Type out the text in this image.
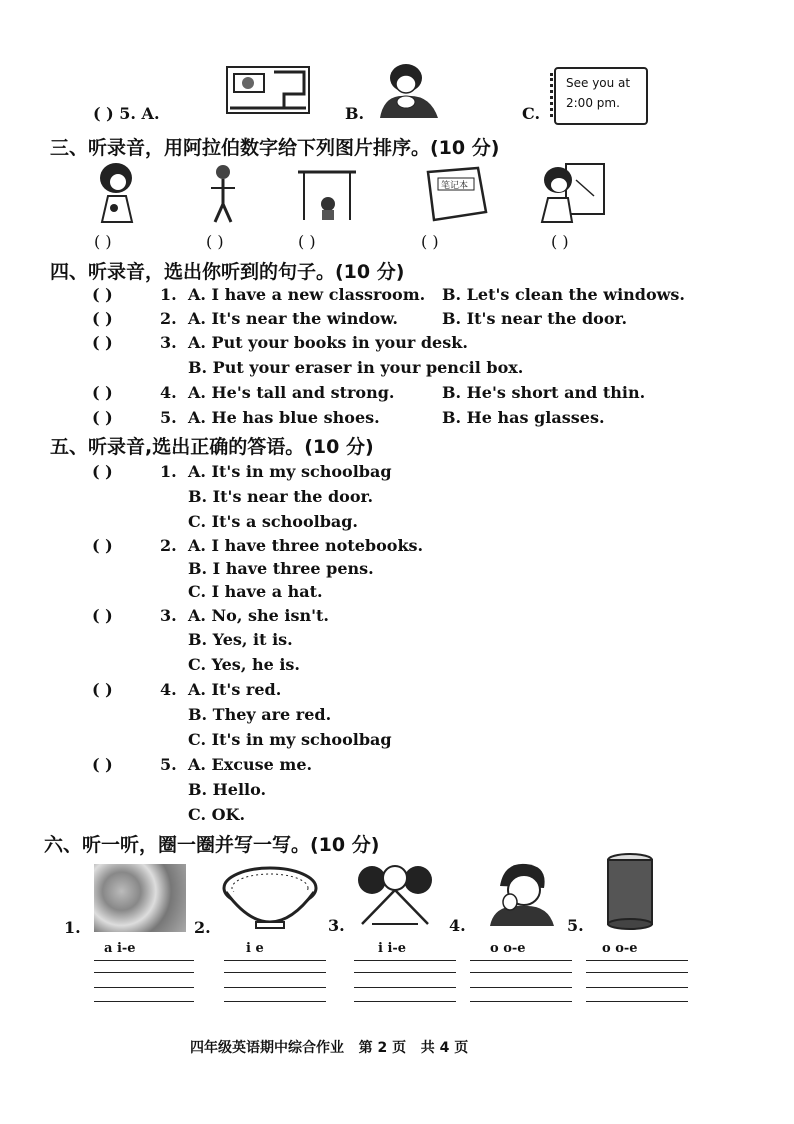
( ) 5. A.	B.	C.
See you at
2:00 pm.
三、听录音，用阿拉伯数字给下列图片排序。(10 分)
笔记本
( )	( )	( )	( )	( )
四、听录音，选出你听到的句子。(10 分)
( )	1. A. I have a new classroom. B. Let's clean the windows.
( )	2. A. It's near the window.	B. It's near the door.
( )	3. A. Put your books in your desk.
B. Put your eraser in your pencil box.
( )	4. A. He's tall and strong.	B. He's short and thin.
( )	5. A. He has blue shoes.	B. He has glasses.
五、听录音,选出正确的答语。(10 分)
( )	1. A. It's in my schoolbag
B. It's near the door.
C. It's a schoolbag.
( )	2. A. I have three notebooks.
B. I have three pens.
C. I have a hat.
( )	3. A. No, she isn't.
B. Yes, it is.
C. Yes, he is.
( )	4. A. It's red.
B. They are red.
C. It's in my schoolbag
( )	5. A. Excuse me.
B. Hello.
C. OK.
六、听一听，圈一圈并写一写。(10 分)
1.	2.	3.	4.	5.
a i-e	i e	i i-e	o o-e	o o-e
四年级英语期中综合作业   第 2 页   共 4 页
